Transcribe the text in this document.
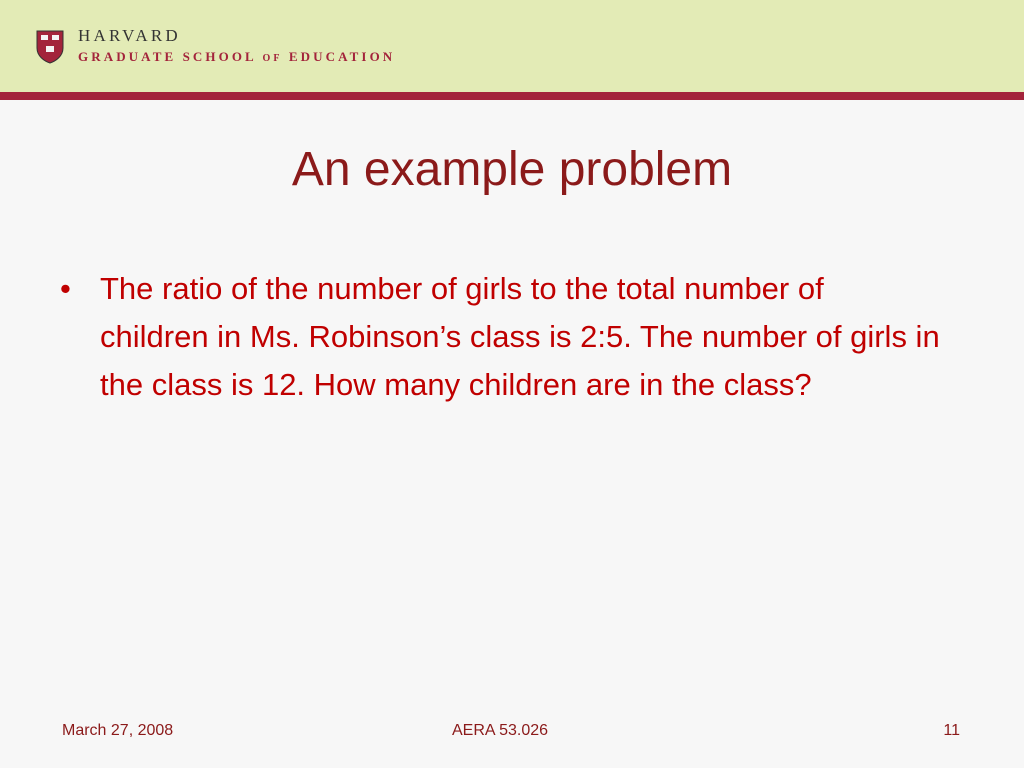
HARVARD
GRADUATE SCHOOL OF EDUCATION
An example problem
• The ratio of the number of girls to the total number of children in Ms. Robinson’s class is 2:5. The number of girls in the class is 12. How many children are in the class?
March 27, 2008	AERA 53.026	11
